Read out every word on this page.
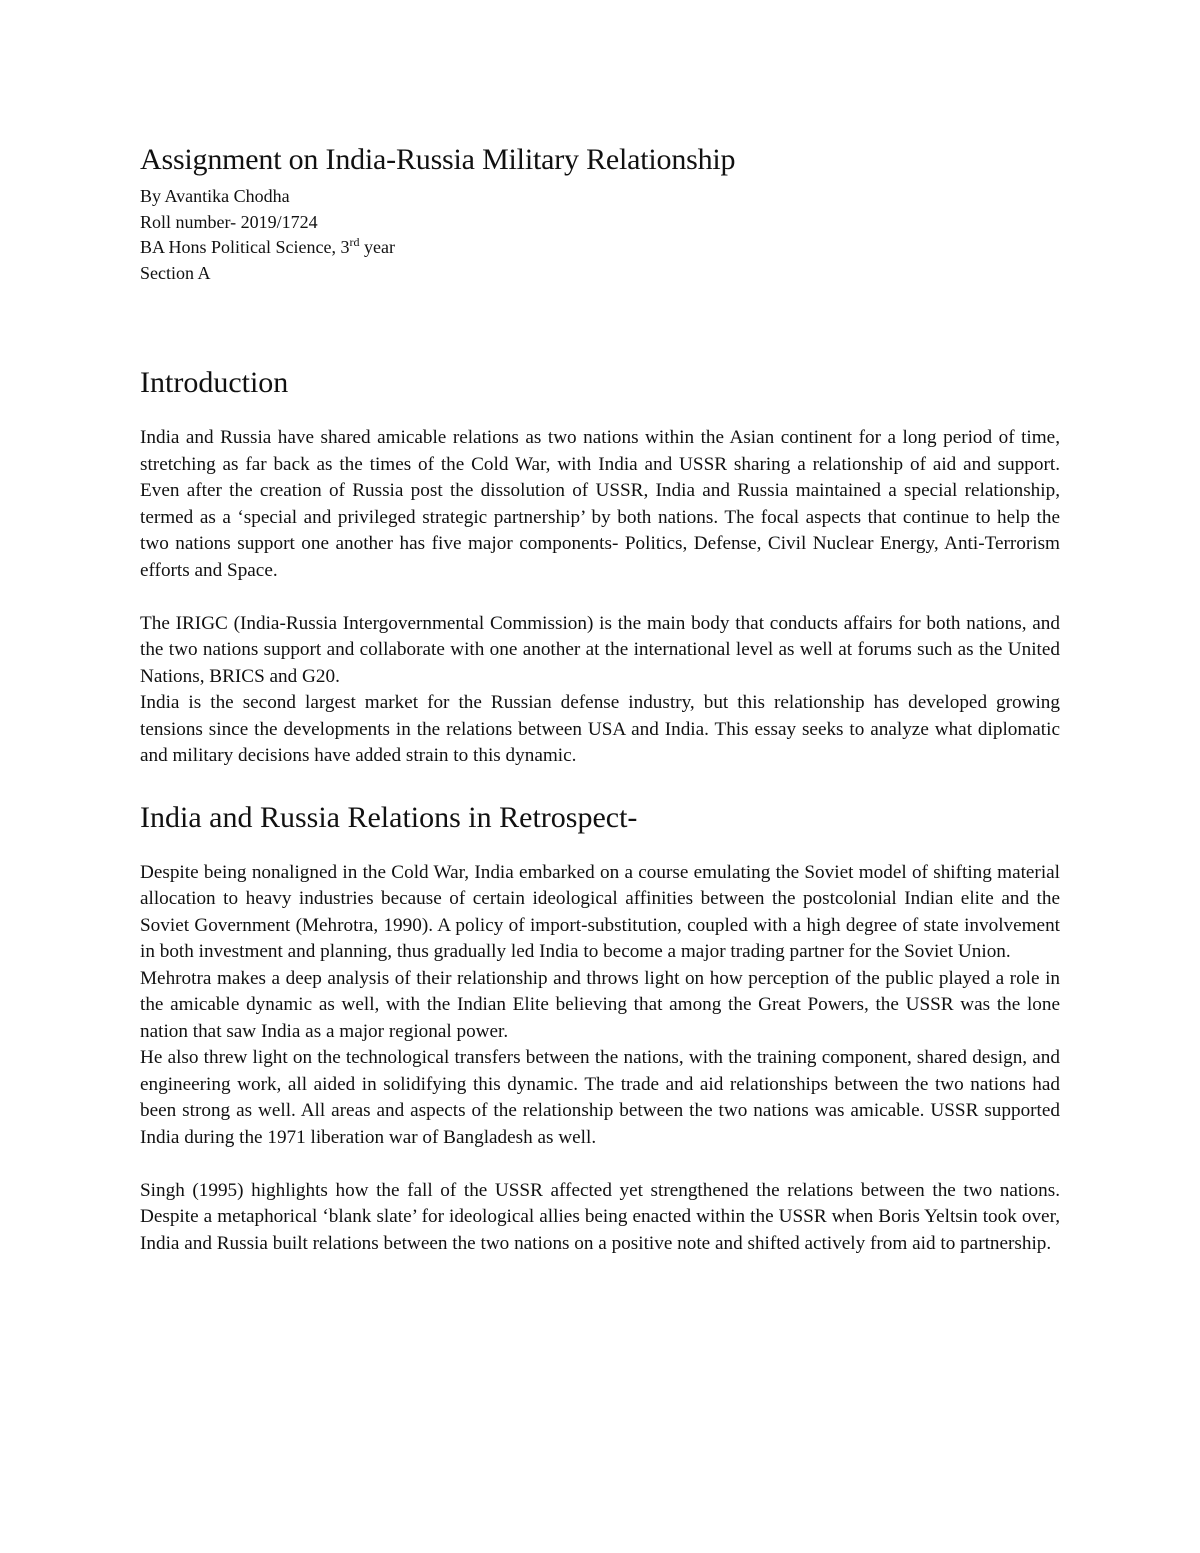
Assignment on India-Russia Military Relationship

By Avantika Chodha

Roll number- 2019/1724

BA Hons Political Science, 3rd year

Section A

Introduction

India and Russia have shared amicable relations as two nations within the Asian continent for a long period of time, stretching as far back as the times of the Cold War, with India and USSR sharing a relationship of aid and support. Even after the creation of Russia post the dissolution of USSR, India and Russia maintained a special relationship, termed as a ‘special and privileged strategic partnership’ by both nations. The focal aspects that continue to help the two nations support one another has five major components- Politics, Defense, Civil Nuclear Energy, Anti-Terrorism efforts and Space.

The IRIGC (India-Russia Intergovernmental Commission) is the main body that conducts affairs for both nations, and the two nations support and collaborate with one another at the international level as well at forums such as the United Nations, BRICS and G20.

India is the second largest market for the Russian defense industry, but this relationship has developed growing tensions since the developments in the relations between USA and India. This essay seeks to analyze what diplomatic and military decisions have added strain to this dynamic.

India and Russia Relations in Retrospect-

Despite being nonaligned in the Cold War, India embarked on a course emulating the Soviet model of shifting material allocation to heavy industries because of certain ideological affinities between the postcolonial Indian elite and the Soviet Government (Mehrotra, 1990). A policy of import-substitution, coupled with a high degree of state involvement in both investment and planning, thus gradually led India to become a major trading partner for the Soviet Union.

Mehrotra makes a deep analysis of their relationship and throws light on how perception of the public played a role in the amicable dynamic as well, with the Indian Elite believing that among the Great Powers, the USSR was the lone nation that saw India as a major regional power.

He also threw light on the technological transfers between the nations, with the training component, shared design, and engineering work, all aided in solidifying this dynamic. The trade and aid relationships between the two nations had been strong as well. All areas and aspects of the relationship between the two nations was amicable. USSR supported India during the 1971 liberation war of Bangladesh as well.

Singh (1995) highlights how the fall of the USSR affected yet strengthened the relations between the two nations. Despite a metaphorical ‘blank slate’ for ideological allies being enacted within the USSR when Boris Yeltsin took over, India and Russia built relations between the two nations on a positive note and shifted actively from aid to partnership.
